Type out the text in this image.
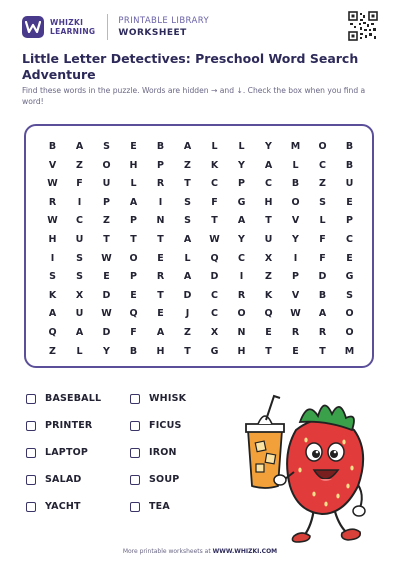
WHIZKI
LEARNING
PRINTABLE LIBRARY
WORKSHEET
Little Letter Detectives: Preschool Word Search Adventure
Find these words in the puzzle. Words are hidden → and ↓. Check the box when you find a word!
B	A	S	E	B	A	L	L	Y	M	O	B
V	Z	O	H	P	Z	K	Y	A	L	C	B
W	F	U	L	R	T	C	P	C	B	Z	U
R	I	P	A	I	S	F	G	H	O	S	E
W	C	Z	P	N	S	T	A	T	V	L	P
H	U	T	T	T	A	W	Y	U	Y	F	C
I	S	W	O	E	L	Q	C	X	I	F	E
S	S	E	P	R	A	D	I	Z	P	D	G
K	X	D	E	T	D	C	R	K	V	B	S
A	U	W	Q	E	J	C	O	Q	W	A	O
Q	A	D	F	A	Z	X	N	E	R	R	O
Z	L	Y	B	H	T	G	H	T	E	T	M
BASEBALL	WHISK
PRINTER	FICUS
LAPTOP	IRON
SALAD	SOUP
YACHT	TEA
More printable worksheets at WWW.WHIZKI.COM
